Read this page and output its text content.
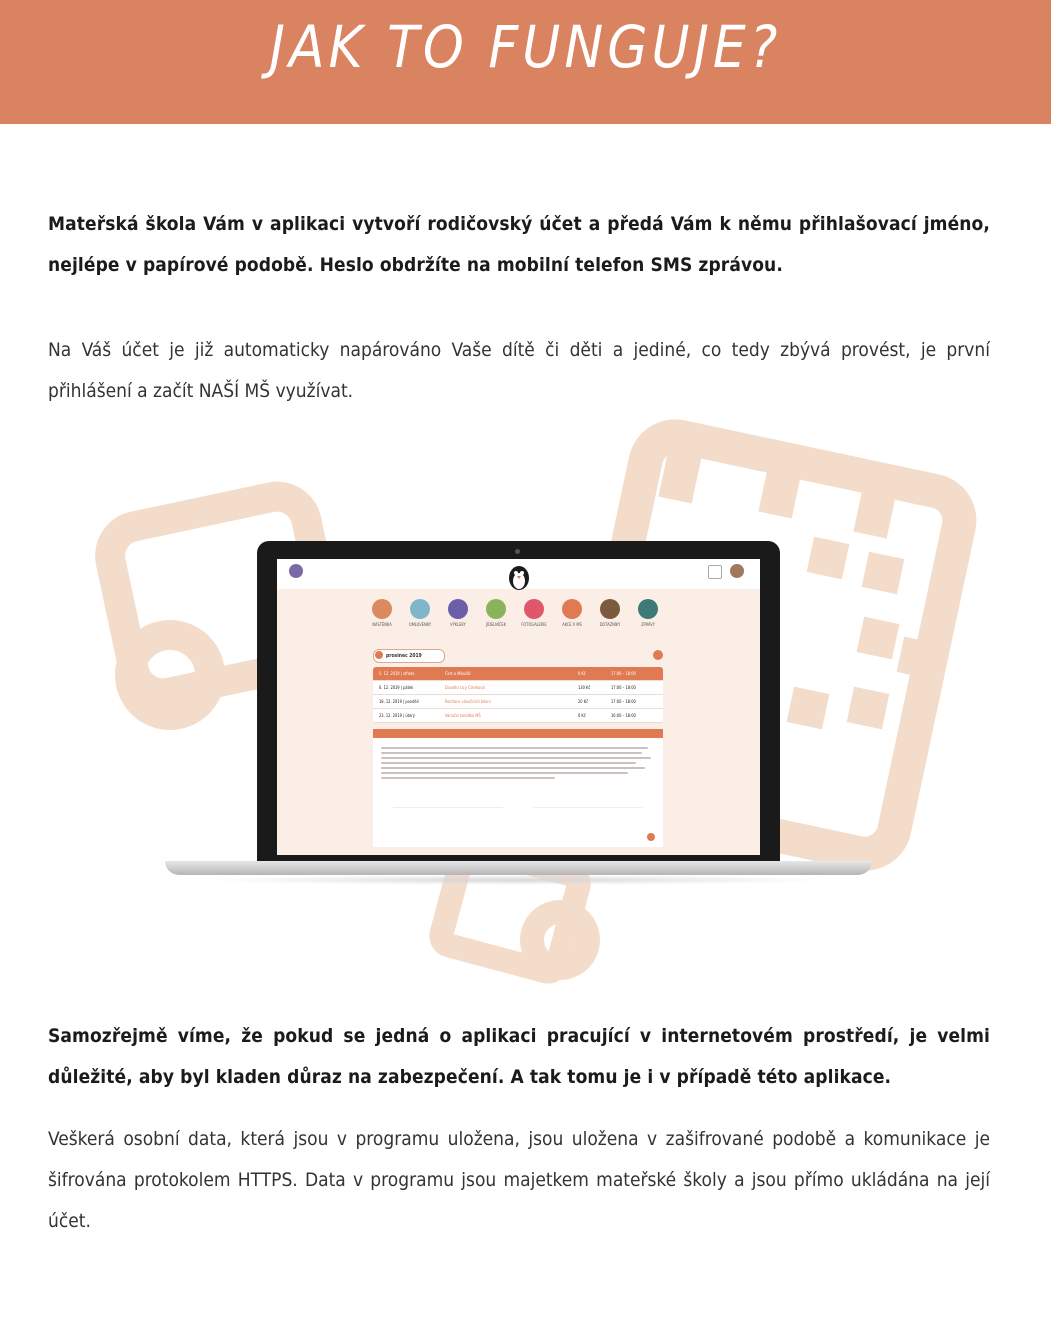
JAK TO FUNGUJE?

Mateřská škola Vám v aplikaci vytvoří rodičovský účet a předá Vám k němu přihlašovací jméno, nejlépe v papírové podobě. Heslo obdržíte na mobilní telefon SMS zprávou.

Na Váš účet je již automaticky napárováno Vaše dítě či děti a jediné, co tedy zbývá provést, je první přihlášení a začít NAŠÍ MŠ využívat.

NÁSTĚNKA	OMLUVENKY	VÝKLEKY	JÍDELNÍČEK	FOTOGALERIE	AKCE V MŠ	DOTAZNÍKY	ZPRÁVY
prosinec 2019
5. 12. 2019 | středa	Čert a Mikuláš	0 Kč	17:00 – 18:00
6. 12. 2019 | pátek	Divadlo Lícy Cilerková	130 Kč	17:00 – 18:00
18. 12. 2019 | pondělí	Recitace vánočních básní	20 Kč	17:00 – 18:00
23. 12. 2019 | úterý	Vánoční besídka MŠ	0 Kč	16:00 – 18:00
Čert a Mikuláš

Samozřejmě víme, že pokud se jedná o aplikaci pracující v internetovém prostředí, je velmi důležité, aby byl kladen důraz na zabezpečení. A tak tomu je i v případě této aplikace.

Veškerá osobní data, která jsou v programu uložena, jsou uložena v zašifrované podobě a komunikace je šifrována protokolem HTTPS. Data v programu jsou majetkem mateřské školy a jsou přímo ukládána na její účet.
